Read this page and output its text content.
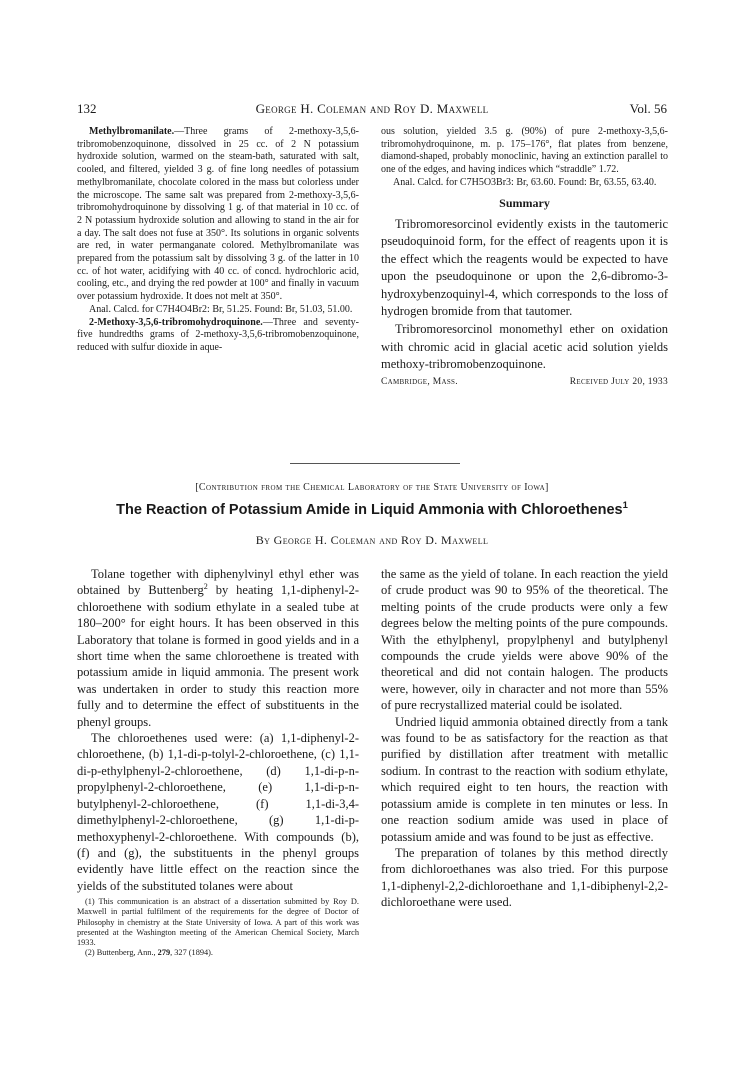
132	George H. Coleman and Roy D. Maxwell	Vol. 56

Methylbromanilate.—Three grams of 2-methoxy-3,5,6-tribromobenzoquinone, dissolved in 25 cc. of 2 N potassium hydroxide solution, warmed on the steam-bath, saturated with salt, cooled, and filtered, yielded 3 g. of fine long needles of potassium methylbromanilate, chocolate colored in the mass but colorless under the microscope. The same salt was prepared from 2-methoxy-3,5,6-tribromohydroquinone by dissolving 1 g. of that material in 10 cc. of 2 N potassium hydroxide solution and allowing to stand in the air for a day. The salt does not fuse at 350°. Its solutions in organic solvents are red, in water permanganate colored. Methylbromanilate was prepared from the potassium salt by dissolving 3 g. of the latter in 10 cc. of hot water, acidifying with 40 cc. of concd. hydrochloric acid, cooling, etc., and drying the red powder at 100° and finally in vacuum over potassium hydroxide. It does not melt at 350°.

Anal. Calcd. for C7H4O4Br2: Br, 51.25. Found: Br, 51.03, 51.00.

2-Methoxy-3,5,6-tribromohydroquinone.—Three and seventy-five hundredths grams of 2-methoxy-3,5,6-tribromobenzoquinone, reduced with sulfur dioxide in aque-

ous solution, yielded 3.5 g. (90%) of pure 2-methoxy-3,5,6-tribromohydroquinone, m. p. 175–176°, flat plates from benzene, diamond-shaped, probably monoclinic, having an extinction parallel to one of the edges, and having indices which “straddle” 1.72.

Anal. Calcd. for C7H5O3Br3: Br, 63.60. Found: Br, 63.55, 63.40.

Summary

Tribromoresorcinol evidently exists in the tautomeric pseudoquinoid form, for the effect of reagents upon it is the effect which the reagents would be expected to have upon the pseudoquinone or upon the 2,6-dibromo-3-hydroxybenzoquinyl-4, which corresponds to the loss of hydrogen bromide from that tautomer.

Tribromoresorcinol monomethyl ether on oxidation with chromic acid in glacial acetic acid solution yields methoxy-tribromobenzoquinone.

Cambridge, Mass.	Received July 20, 1933
[Contribution from the Chemical Laboratory of the State University of Iowa]
The Reaction of Potassium Amide in Liquid Ammonia with Chloroethenes$^1$
By George H. Coleman and Roy D. Maxwell

Tolane together with diphenylvinyl ethyl ether was obtained by Buttenberg$^2$ by heating 1,1-diphenyl-2-chloroethene with sodium ethylate in a sealed tube at 180–200° for eight hours. It has been observed in this Laboratory that tolane is formed in good yields and in a short time when the same chloroethene is treated with potassium amide in liquid ammonia. The present work was undertaken in order to study this reaction more fully and to determine the effect of substituents in the phenyl groups.

The chloroethenes used were: (a) 1,1-diphenyl-2-chloroethene, (b) 1,1-di-p-tolyl-2-chloroethene, (c) 1,1-di-p-ethylphenyl-2-chloroethene, (d) 1,1-di-p-n-propylphenyl-2-chloroethene, (e) 1,1-di-p-n-butylphenyl-2-chloroethene, (f) 1,1-di-3,4-dimethylphenyl-2-chloroethene, (g) 1,1-di-p-methoxyphenyl-2-chloroethene. With compounds (b), (f) and (g), the substituents in the phenyl groups evidently have little effect on the reaction since the yields of the substituted tolanes were about

(1) This communication is an abstract of a dissertation submitted by Roy D. Maxwell in partial fulfilment of the requirements for the degree of Doctor of Philosophy in chemistry at the State University of Iowa. A part of this work was presented at the Washington meeting of the American Chemical Society, March 1933.

(2) Buttenberg, Ann., 279, 327 (1894).

the same as the yield of tolane. In each reaction the yield of crude product was 90 to 95% of the theoretical. The melting points of the crude products were only a few degrees below the melting points of the pure compounds. With the ethylphenyl, propylphenyl and butylphenyl compounds the crude yields were above 90% of the theoretical and did not contain halogen. The products were, however, oily in character and not more than 55% of pure recrystallized material could be isolated.

Undried liquid ammonia obtained directly from a tank was found to be as satisfactory for the reaction as that purified by distillation after treatment with metallic sodium. In contrast to the reaction with sodium ethylate, which required eight to ten hours, the reaction with potassium amide is complete in ten minutes or less. In one reaction sodium amide was used in place of potassium amide and was found to be just as effective.

The preparation of tolanes by this method directly from dichloroethanes was also tried. For this purpose 1,1-diphenyl-2,2-dichloroethane and 1,1-dibiphenyl-2,2-dichloroethane were used.
